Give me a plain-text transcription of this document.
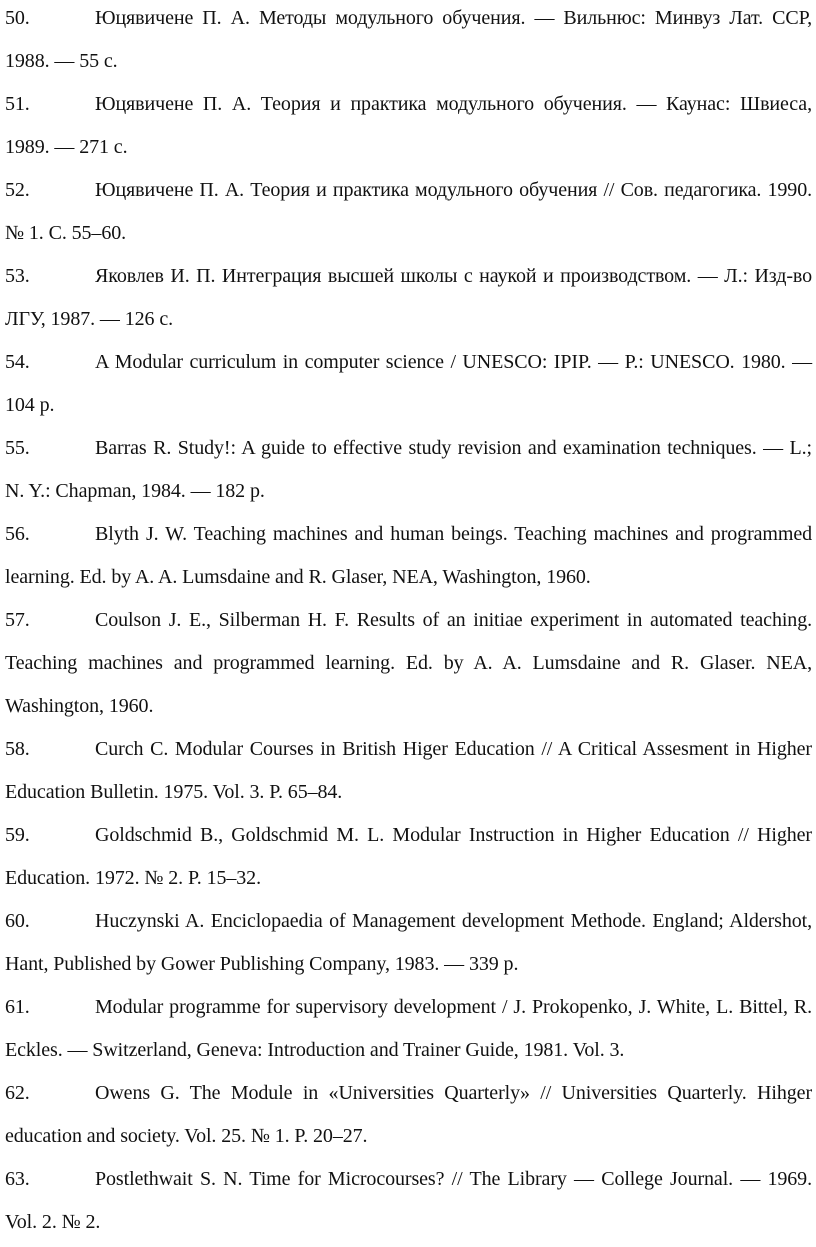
50.	Юцявичене П. А. Методы модульного обучения. — Вильнюс: Минвуз Лат. ССР, 1988. — 55 с.
51.	Юцявичене П. А. Теория и практика модульного обучения. — Каунас: Швиеса, 1989. — 271 с.
52.	Юцявичене П. А. Теория и практика модульного обучения // Сов. педагогика. 1990. № 1. С. 55–60.
53.	Яковлев И. П. Интеграция высшей школы с наукой и производством. — Л.: Изд-во ЛГУ, 1987. — 126 с.
54.	A Modular curriculum in computer science / UNESCO: IPIP. — P.: UNESCO. 1980. — 104 p.
55.	Barras R. Study!: A guide to effective study revision and examination techniques. — L.; N. Y.: Chapman, 1984. — 182 p.
56.	Blyth J. W. Teaching machines and human beings. Teaching machines and programmed learning. Ed. by A. A. Lumsdaine and R. Glaser, NEA, Washington, 1960.
57.	Coulson J. E., Silberman H. F. Results of an initiae experiment in automated teaching. Teaching machines and programmed learning. Ed. by A. A. Lumsdaine and R. Glaser. NEA, Washington, 1960.
58.	Curch C. Modular Courses in British Higer Education // A Critical Assesment in Higher Education Bulletin. 1975. Vol. 3. P. 65–84.
59.	Goldschmid B., Goldschmid M. L. Modular Instruction in Higher Education // Higher Education. 1972. № 2. P. 15–32.
60.	Huczynski A. Enciclopaedia of Management development Methode. England; Aldershot, Hant, Published by Gower Publishing Company, 1983. — 339 p.
61.	Modular programme for supervisory development / J. Prokopenko, J. White, L. Bittel, R. Eckles. — Switzerland, Geneva: Introduction and Trainer Guide, 1981. Vol. 3.
62.	Owens G. The Module in «Universities Quarterly» // Universities Quarterly. Hihger education and society. Vol. 25. № 1. P. 20–27.
63.	Postlethwait S. N. Time for Microcourses? // The Library — College Journal. — 1969. Vol. 2. № 2.
